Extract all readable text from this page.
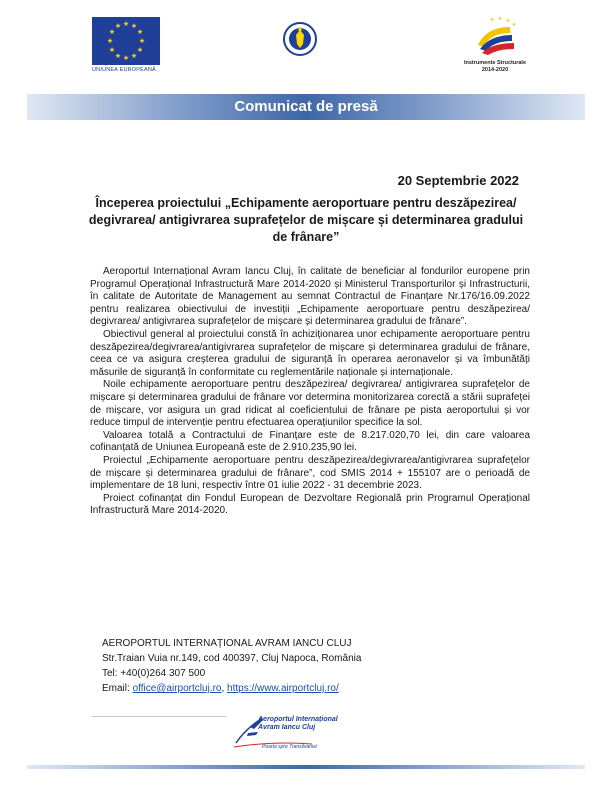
★ ★
★
★
★
★
★
★
★
★
★
★
UNIUNEA EUROPEANĂ
★ ★ ★
★
Instrumente Structurale
2014-2020
Comunicat de presă
20 Septembrie 2022
Începerea proiectului „Echipamente aeroportuare pentru deszăpezirea/ degivrarea/ antigivrarea suprafețelor de mișcare și determinarea gradului de frânare”

Aeroportul Internațional Avram Iancu Cluj, în calitate de beneficiar al fondurilor europene prin Programul Operațional Infrastructură Mare 2014-2020 și Ministerul Transporturilor și Infrastructurii, în calitate de Autoritate de Management au semnat Contractul de Finanțare Nr.176/16.09.2022 pentru realizarea obiectivului de investiții „Echipamente aeroportuare pentru deszăpezirea/ degivrarea/ antigivrarea suprafețelor de mișcare și determinarea gradului de frânare”.

Obiectivul general al proiectului constă în achiziționarea unor echipamente aeroportuare pentru deszăpezirea/degivrarea/antigivrarea suprafețelor de mișcare și determinarea gradului de frânare, ceea ce va asigura creșterea gradului de siguranță în operarea aeronavelor și va îmbunătăți măsurile de siguranță în conformitate cu reglementările naționale și internaționale.

Noile echipamente aeroportuare pentru deszăpezirea/ degivrarea/ antigivrarea suprafețelor de mișcare și determinarea gradului de frânare vor determina monitorizarea corectă a stării suprafeței de mișcare, vor asigura un grad ridicat al coeficientului de frânare pe pista aeroportului și vor reduce timpul de intervenție pentru efectuarea operațiunilor specifice la sol.

Valoarea totală a Contractului de Finanțare este de 8.217.020,70 lei, din care valoarea cofinanțată de Uniunea Europeană este de 2.910.235,90 lei.

Proiectul „Echipamente aeroportuare pentru deszăpezirea/degivrarea/antigivrarea suprafețelor de mișcare și determinarea gradului de frânare”, cod SMIS 2014 + 155107 are o perioadă de implementare de 18 luni, respectiv între 01 iulie 2022 - 31 decembrie 2023.

Proiect cofinanțat din Fondul European de Dezvoltare Regională prin Programul Operațional Infrastructură Mare 2014-2020.

AEROPORTUL INTERNAȚIONAL AVRAM IANCU CLUJ
Str.Traian Vuia nr.149, cod 400397, Cluj Napoca, România
Tel: +40(0)264 307 500
Email: office@airportcluj.ro, https://www.airportcluj.ro/
Aeroportul Internațional
Avram Iancu Cluj
Poarta spre Transilvania!
